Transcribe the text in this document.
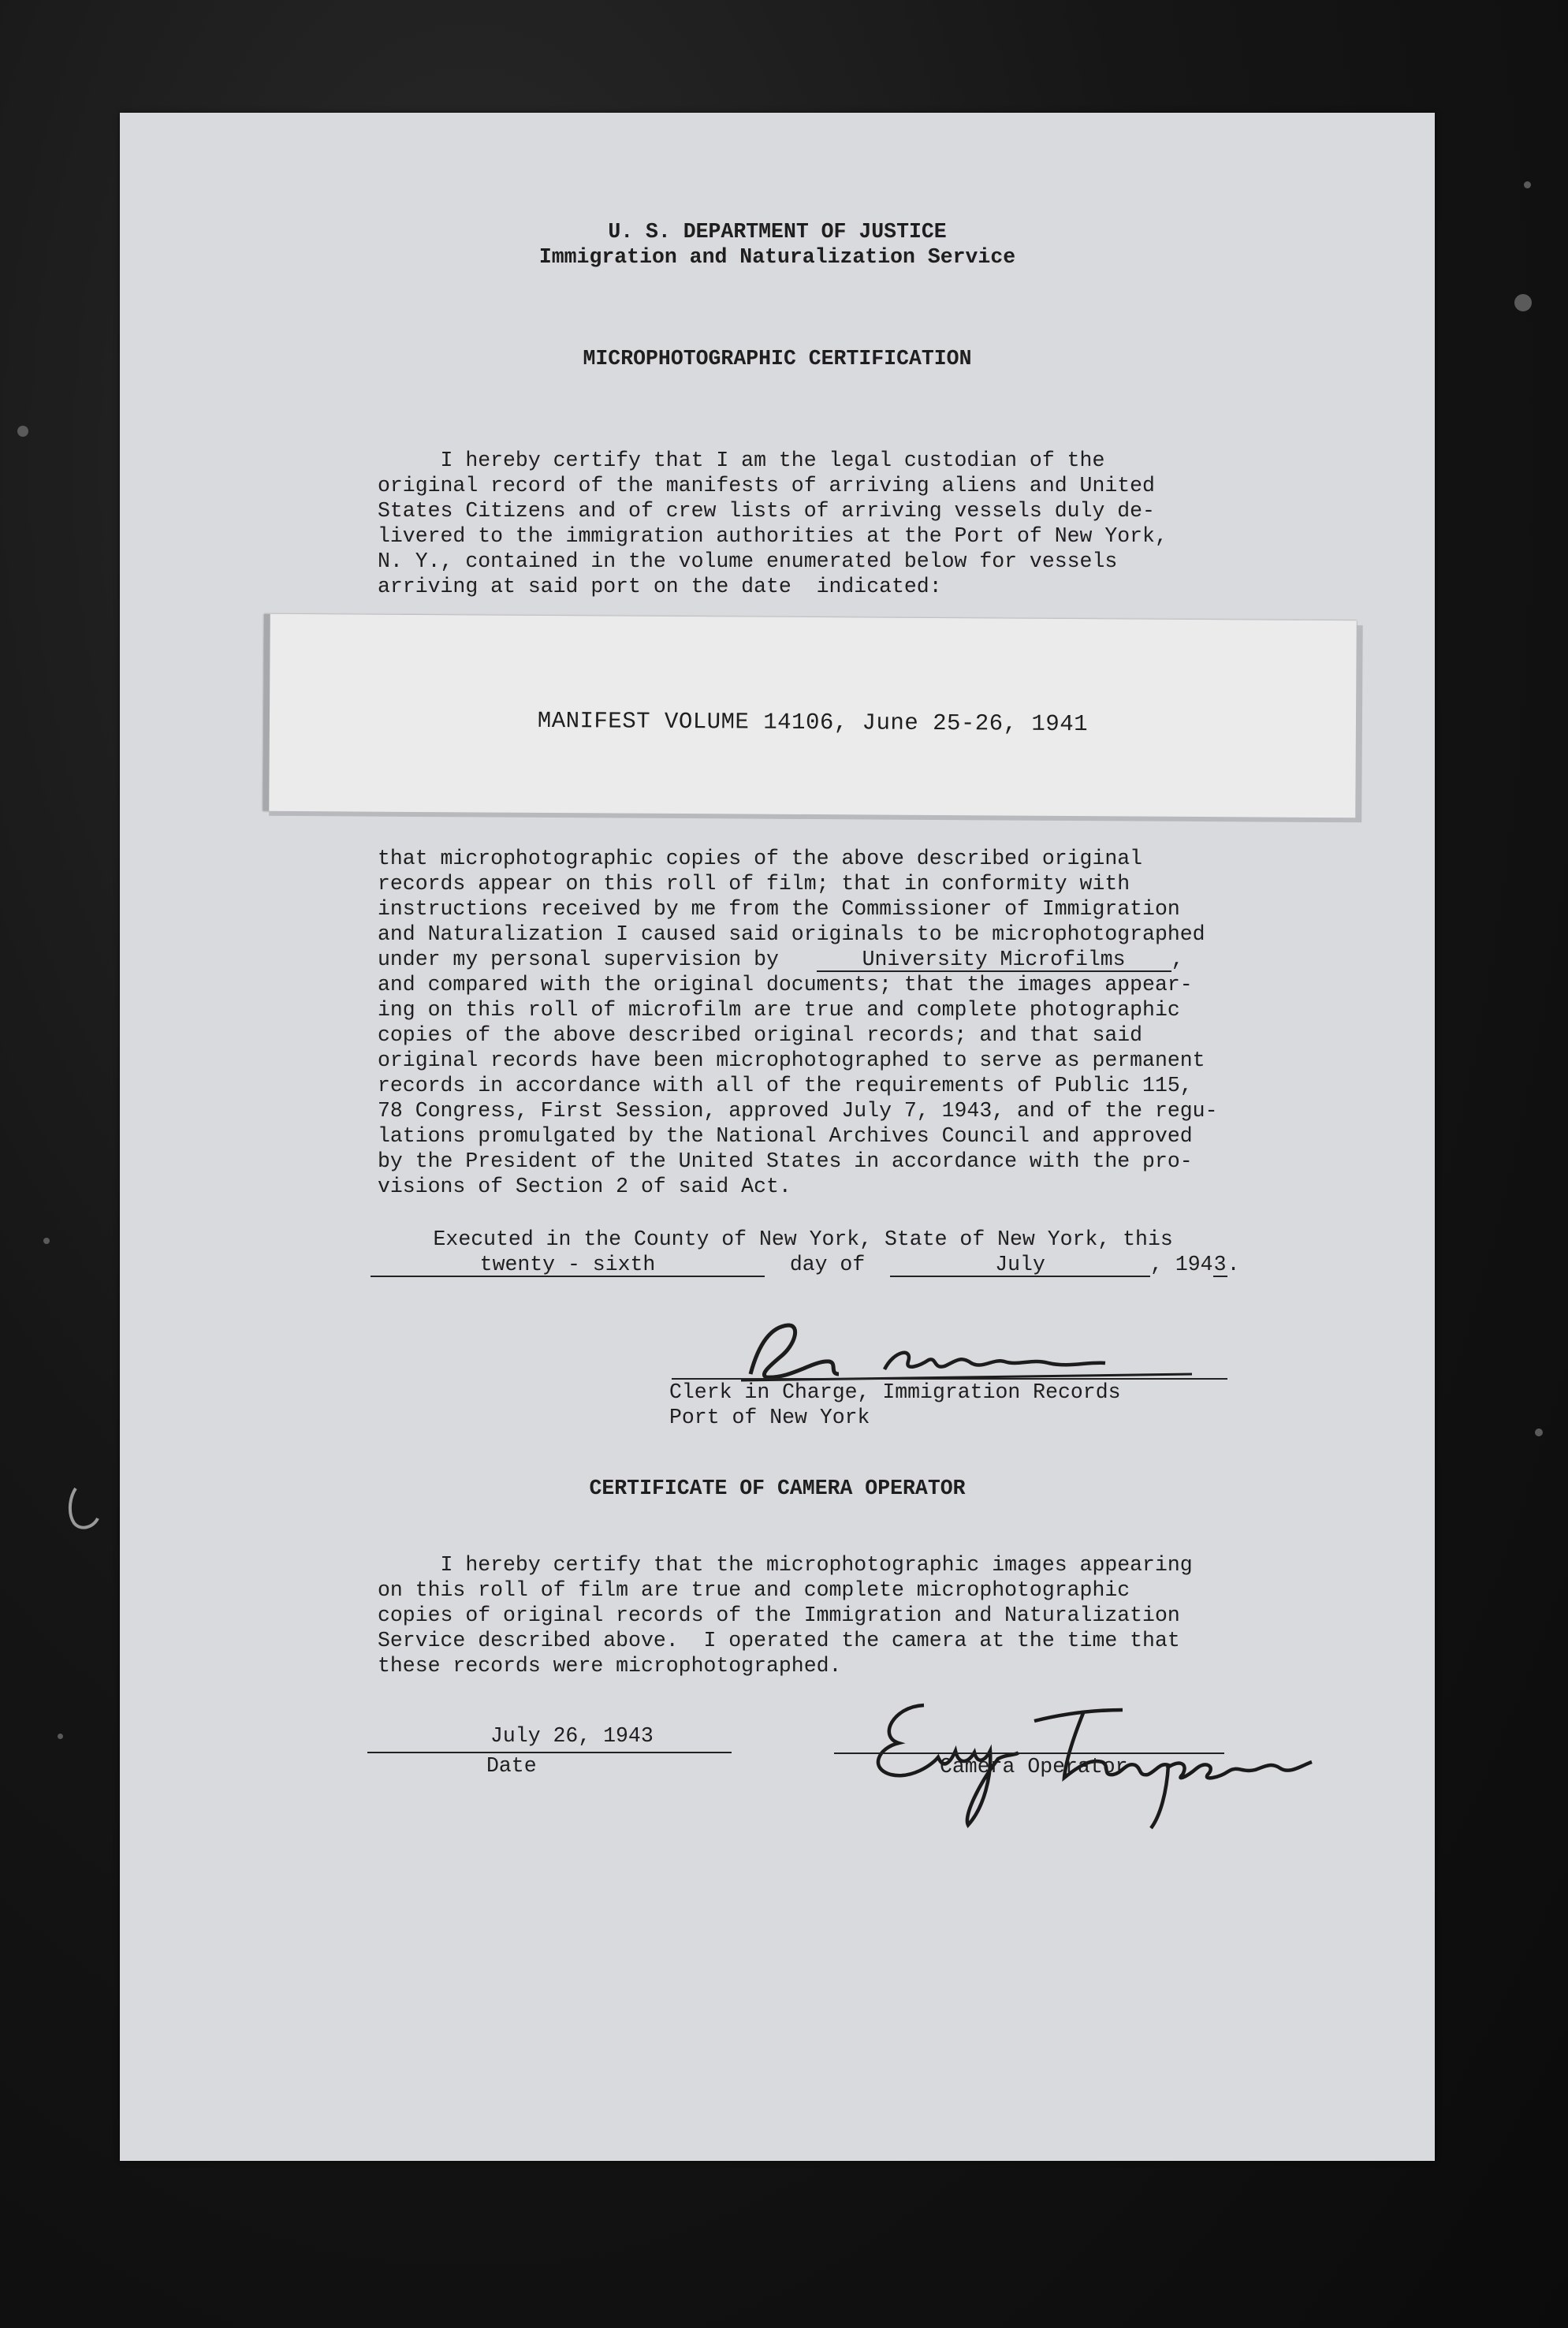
U. S. DEPARTMENT OF JUSTICE
Immigration and Naturalization Service
MICROPHOTOGRAPHIC CERTIFICATION
I hereby certify that I am the legal custodian of the
original record of the manifests of arriving aliens and United
States Citizens and of crew lists of arriving vessels duly de-
livered to the immigration authorities at the Port of New York,
N. Y., contained in the volume enumerated below for vessels
arriving at said port on the date  indicated:
MANIFEST VOLUME 14106, June 25-26, 1941
that microphotographic copies of the above described original
records appear on this roll of film; that in conformity with
instructions received by me from the Commissioner of Immigration
and Naturalization I caused said originals to be microphotographed
under my personal supervision by	University Microfilms ,
and compared with the original documents; that the images appear-
ing on this roll of microfilm are true and complete photographic
copies of the above described original records; and that said
original records have been microphotographed to serve as permanent
records in accordance with all of the requirements of Public 115,
78 Congress, First Session, approved July 7, 1943, and of the regu-
lations promulgated by the National Archives Council and approved
by the President of the United States in accordance with the pro-
visions of Section 2 of said Act.
Executed in the County of New York, State of New York, this
twenty - sixth	day of	July	, 1943.
Clerk in Charge, Immigration Records
Port of New York
CERTIFICATE OF CAMERA OPERATOR
I hereby certify that the microphotographic images appearing
on this roll of film are true and complete microphotographic
copies of original records of the Immigration and Naturalization
Service described above.  I operated the camera at the time that
these records were microphotographed.
July 26, 1943
Date	Camera Operator
